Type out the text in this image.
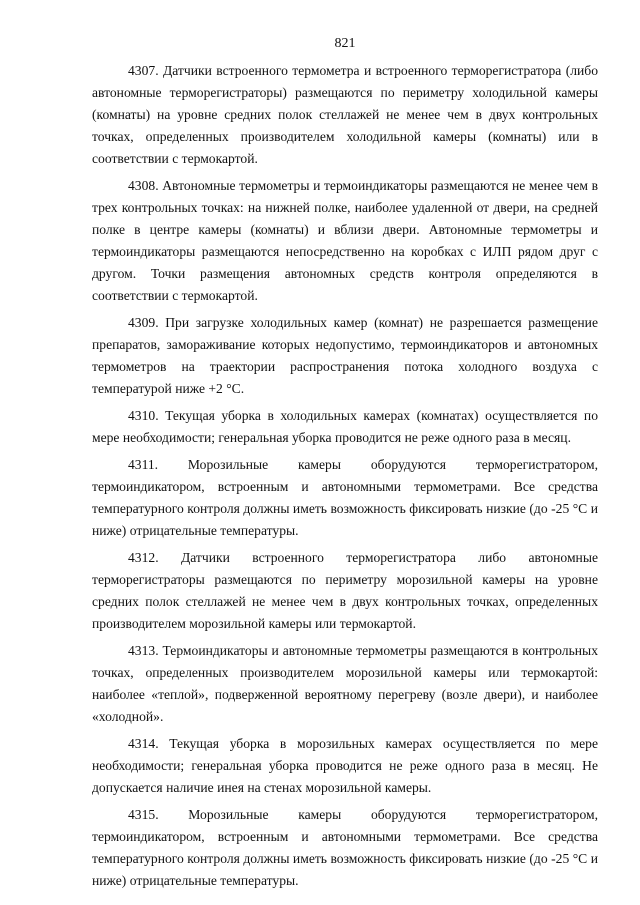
821

4307. Датчики встроенного термометра и встроенного терморегистратора (либо автономные терморегистраторы) размещаются по периметру холодильной камеры (комнаты) на уровне средних полок стеллажей не менее чем в двух контрольных точках, определенных производителем холодильной камеры (комнаты) или в соответствии с термокартой.

4308. Автономные термометры и термоиндикаторы размещаются не менее чем в трех контрольных точках: на нижней полке, наиболее удаленной от двери, на средней полке в центре камеры (комнаты) и вблизи двери. Автономные термометры и термоиндикаторы размещаются непосредственно на коробках с ИЛП рядом друг с другом. Точки размещения автономных средств контроля определяются в соответствии с термокартой.

4309. При загрузке холодильных камер (комнат) не разрешается размещение препаратов, замораживание которых недопустимо, термоиндикаторов и автономных термометров на траектории распространения потока холодного воздуха с температурой ниже +2 °С.

4310. Текущая уборка в холодильных камерах (комнатах) осуществляется по мере необходимости; генеральная уборка проводится не реже одного раза в месяц.

4311. Морозильные камеры оборудуются терморегистратором, термоиндикатором, встроенным и автономными термометрами. Все средства температурного контроля должны иметь возможность фиксировать низкие (до -25 °С и ниже) отрицательные температуры.

4312. Датчики встроенного терморегистратора либо автономные терморегистраторы размещаются по периметру морозильной камеры на уровне средних полок стеллажей не менее чем в двух контрольных точках, определенных производителем морозильной камеры или термокартой.

4313. Термоиндикаторы и автономные термометры размещаются в контрольных точках, определенных производителем морозильной камеры или термокартой: наиболее «теплой», подверженной вероятному перегреву (возле двери), и наиболее «холодной».

4314. Текущая уборка в морозильных камерах осуществляется по мере необходимости; генеральная уборка проводится не реже одного раза в месяц. Не допускается наличие инея на стенах морозильной камеры.

4315. Морозильные камеры оборудуются терморегистратором, термоиндикатором, встроенным и автономными термометрами. Все средства температурного контроля должны иметь возможность фиксировать низкие (до -25 °С и ниже) отрицательные температуры.
